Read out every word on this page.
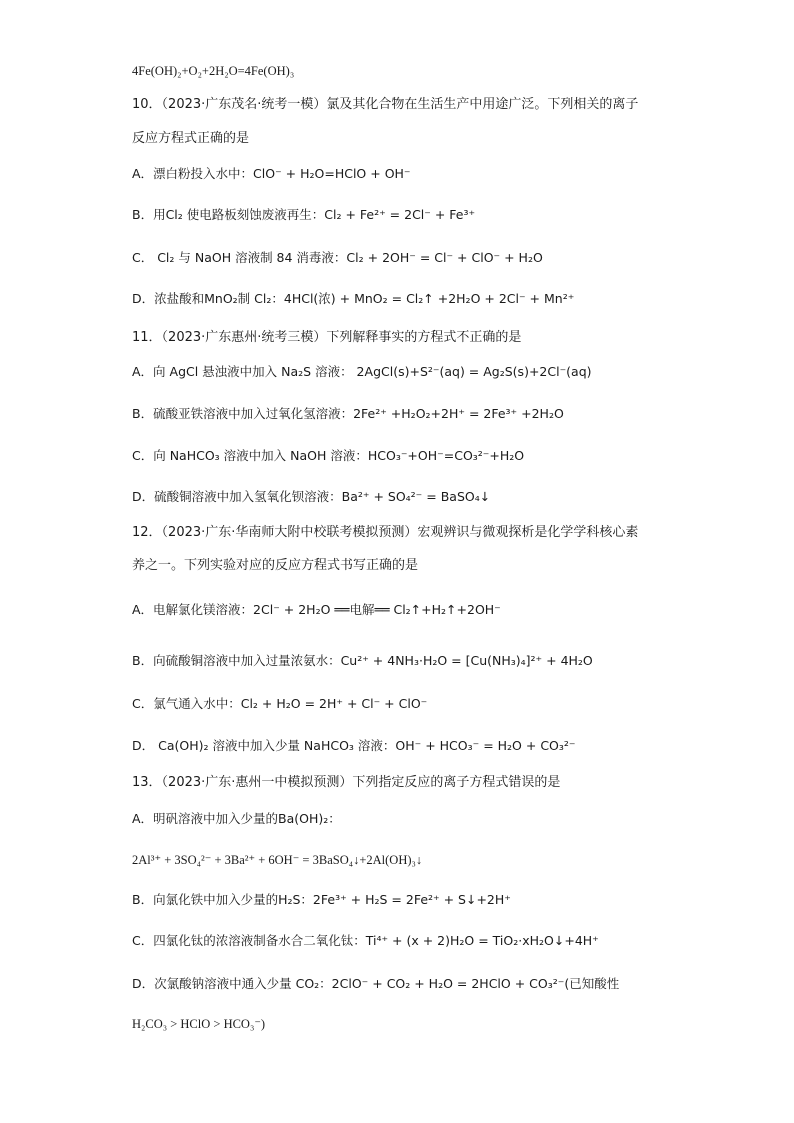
4Fe(OH)₂+O₂+2H₂O=4Fe(OH)₃
10．（2023·广东茂名·统考一模）氯及其化合物在生活生产中用途广泛。下列相关的离子
反应方程式正确的是
A．漂白粉投入水中：ClO⁻ + H₂O=HClO + OH⁻
B．用Cl₂ 使电路板刻蚀废液再生：Cl₂ + Fe²⁺ = 2Cl⁻ + Fe³⁺
C． Cl₂ 与 NaOH 溶液制 84 消毒液：Cl₂ + 2OH⁻ = Cl⁻ + ClO⁻ + H₂O
D．浓盐酸和MnO₂制 Cl₂：4HCl(浓) + MnO₂ = Cl₂↑ +2H₂O + 2Cl⁻ + Mn²⁺
11．（2023·广东惠州·统考三模）下列解释事实的方程式不正确的是
A．向 AgCl 悬浊液中加入 Na₂S 溶液： 2AgCl(s)+S²⁻(aq) = Ag₂S(s)+2Cl⁻(aq)
B．硫酸亚铁溶液中加入过氧化氢溶液：2Fe²⁺ +H₂O₂+2H⁺ = 2Fe³⁺ +2H₂O
C．向 NaHCO₃ 溶液中加入 NaOH 溶液：HCO₃⁻+OH⁻=CO₃²⁻+H₂O
D．硫酸铜溶液中加入氢氧化钡溶液：Ba²⁺ + SO₄²⁻ = BaSO₄↓
12．（2023·广东·华南师大附中校联考模拟预测）宏观辨识与微观探析是化学学科核心素
养之一。下列实验对应的反应方程式书写正确的是
A．电解氯化镁溶液：2Cl⁻ + 2H₂O ══电解══ Cl₂↑+H₂↑+2OH⁻
B．向硫酸铜溶液中加入过量浓氨水：Cu²⁺ + 4NH₃·H₂O = [Cu(NH₃)₄]²⁺ + 4H₂O
C．氯气通入水中：Cl₂ + H₂O = 2H⁺ + Cl⁻ + ClO⁻
D． Ca(OH)₂ 溶液中加入少量 NaHCO₃ 溶液：OH⁻ + HCO₃⁻ = H₂O + CO₃²⁻
13．（2023·广东·惠州一中模拟预测）下列指定反应的离子方程式错误的是
A．明矾溶液中加入少量的Ba(OH)₂：
2Al³⁺ + 3SO₄²⁻ + 3Ba²⁺ + 6OH⁻ = 3BaSO₄↓+2Al(OH)₃↓
B．向氯化铁中加入少量的H₂S：2Fe³⁺ + H₂S = 2Fe²⁺ + S↓+2H⁺
C．四氯化钛的浓溶液制备水合二氧化钛：Ti⁴⁺ + (x + 2)H₂O = TiO₂·xH₂O↓+4H⁺
D．次氯酸钠溶液中通入少量 CO₂：2ClO⁻ + CO₂ + H₂O = 2HClO + CO₃²⁻(已知酸性
H₂CO₃ > HClO > HCO₃⁻)
